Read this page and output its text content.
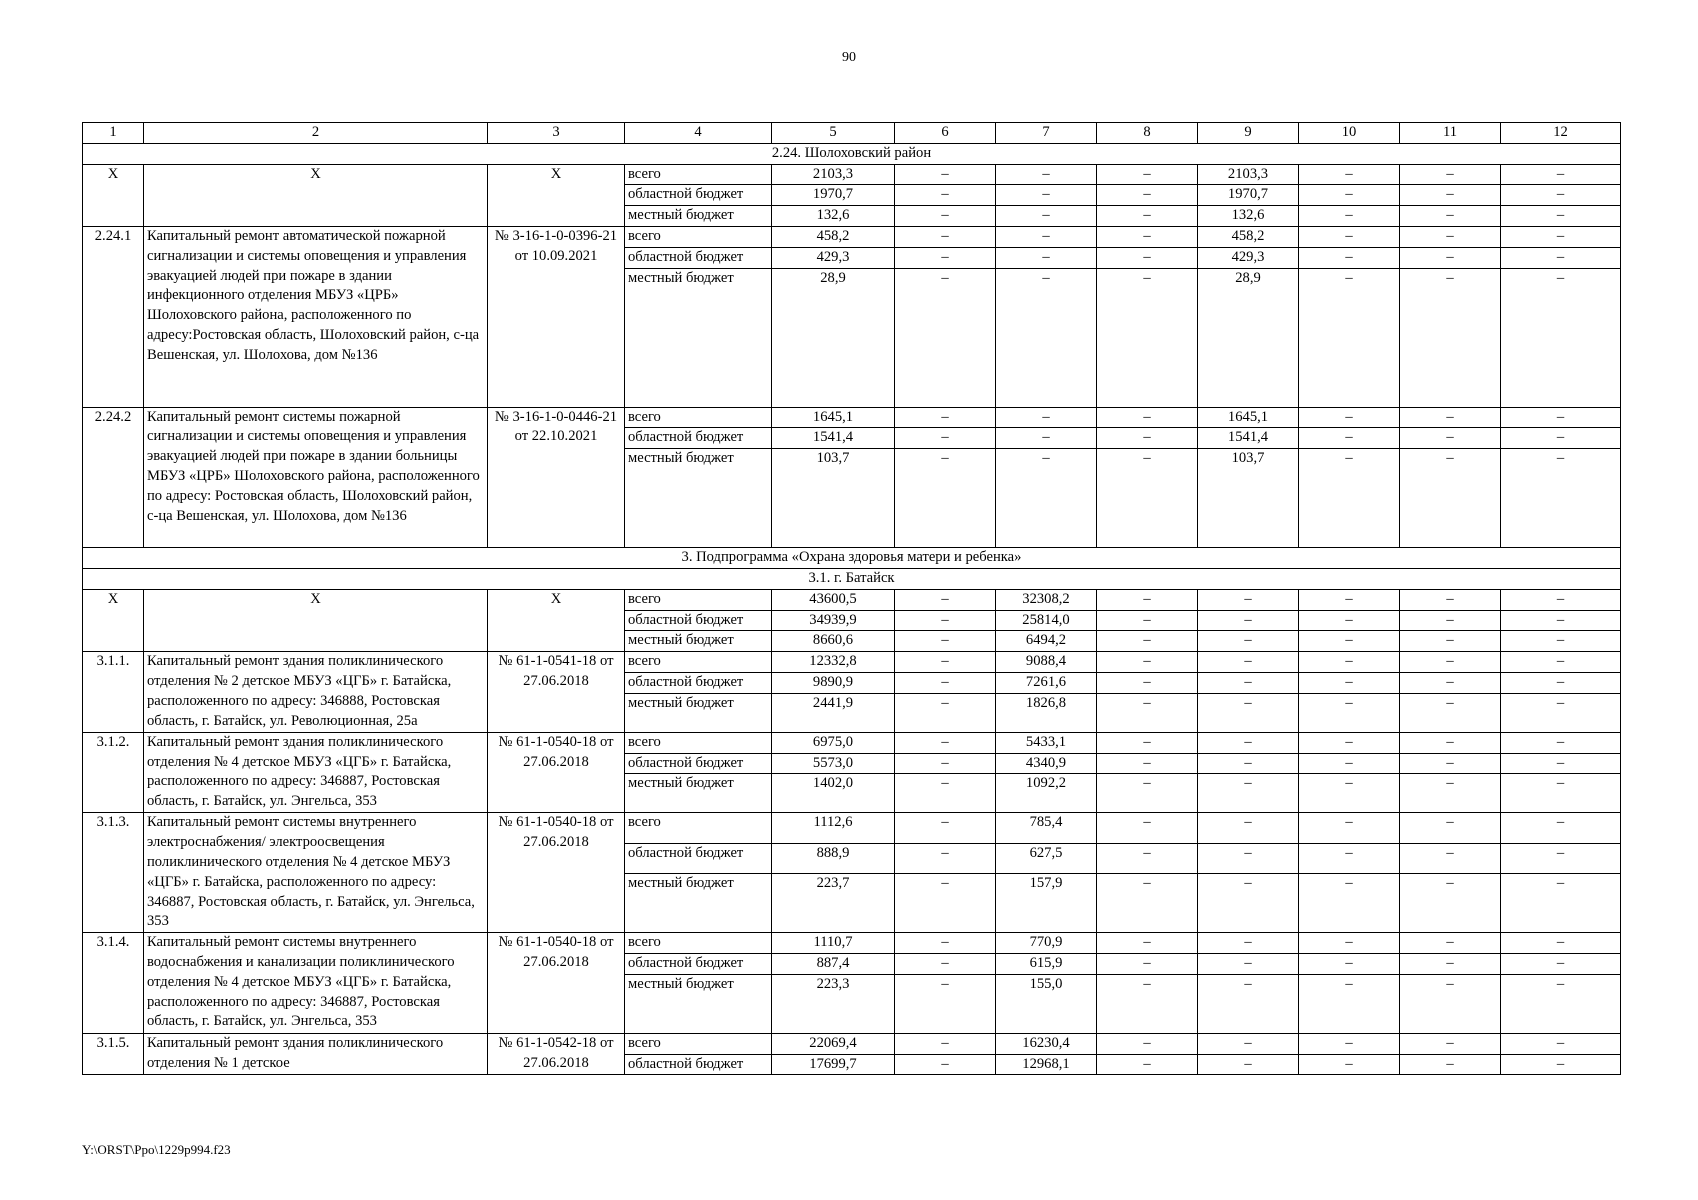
90
1	2	3	4	5	6	7	8	9	10	11	12
2.24. Шолоховский район											
X	X	X	всего	2103,3	–	–	–	2103,3	–	–	–
			областной бюджет	1970,7	–	–	–	1970,7	–	–	–
			местный бюджет	132,6	–	–	–	132,6	–	–	–
2.24.1	Капитальный ремонт автоматической пожарной сигнализации и системы оповещения и управления эвакуацией людей при пожаре в здании инфекционного отделения МБУЗ «ЦРБ» Шолоховского района, расположенного по адресу:Ростовская область, Шолоховский район, с-ца Вешенская, ул. Шолохова, дом №136	№ 3-16-1-0-0396-21 от 10.09.2021	всего	458,2	–	–	–	458,2	–	–	–
			областной бюджет	429,3	–	–	–	429,3	–	–	–
			местный бюджет	28,9	–	–	–	28,9	–	–	–
2.24.2	Капитальный ремонт системы пожарной сигнализации и системы оповещения и управления эвакуацией людей при пожаре в здании больницы МБУЗ «ЦРБ» Шолоховского района, расположенного по адресу: Ростовская область, Шолоховский район, с-ца Вешенская, ул. Шолохова, дом №136	№ 3-16-1-0-0446-21 от 22.10.2021	всего	1645,1	–	–	–	1645,1	–	–	–
			областной бюджет	1541,4	–	–	–	1541,4	–	–	–
			местный бюджет	103,7	–	–	–	103,7	–	–	–
3. Подпрограмма «Охрана здоровья матери и ребенка»											
3.1. г. Батайск											
X	X	X	всего	43600,5	–	32308,2	–	–	–	–	–
			областной бюджет	34939,9	–	25814,0	–	–	–	–	–
			местный бюджет	8660,6	–	6494,2	–	–	–	–	–
3.1.1.	Капитальный ремонт здания поликлинического отделения № 2 детское МБУЗ «ЦГБ» г. Батайска, расположенного по адресу: 346888, Ростовская область, г. Батайск, ул. Революционная, 25а	№ 61-1-0541-18 от 27.06.2018	всего	12332,8	–	9088,4	–	–	–	–	–
			областной бюджет	9890,9	–	7261,6	–	–	–	–	–
			местный бюджет	2441,9	–	1826,8	–	–	–	–	–
3.1.2.	Капитальный ремонт здания поликлинического отделения № 4 детское МБУЗ «ЦГБ» г. Батайска, расположенного по адресу: 346887, Ростовская область, г. Батайск, ул. Энгельса, 353	№ 61-1-0540-18 от 27.06.2018	всего	6975,0	–	5433,1	–	–	–	–	–
			областной бюджет	5573,0	–	4340,9	–	–	–	–	–
			местный бюджет	1402,0	–	1092,2	–	–	–	–	–
3.1.3.	Капитальный ремонт системы внутреннего электроснабжения/ электроосвещения поликлинического отделения № 4 детское МБУЗ «ЦГБ» г. Батайска, расположенного по адресу: 346887, Ростовская область, г. Батайск, ул. Энгельса, 353	№ 61-1-0540-18 от 27.06.2018	всего	1112,6	–	785,4	–	–	–	–	–
			областной бюджет	888,9	–	627,5	–	–	–	–	–
			местный бюджет	223,7	–	157,9	–	–	–	–	–
3.1.4.	Капитальный ремонт системы внутреннего водоснабжения и канализации поликлинического отделения № 4 детское МБУЗ «ЦГБ» г. Батайска, расположенного по адресу: 346887, Ростовская область, г. Батайск, ул. Энгельса, 353	№ 61-1-0540-18 от 27.06.2018	всего	1110,7	–	770,9	–	–	–	–	–
			областной бюджет	887,4	–	615,9	–	–	–	–	–
			местный бюджет	223,3	–	155,0	–	–	–	–	–
3.1.5.	Капитальный ремонт здания поликлинического отделения № 1 детское	№ 61-1-0542-18 от 27.06.2018	всего	22069,4	–	16230,4	–	–	–	–	–
			областной бюджет	17699,7	–	12968,1	–	–	–	–	–
Y:\ORST\Ppo\1229p994.f23
